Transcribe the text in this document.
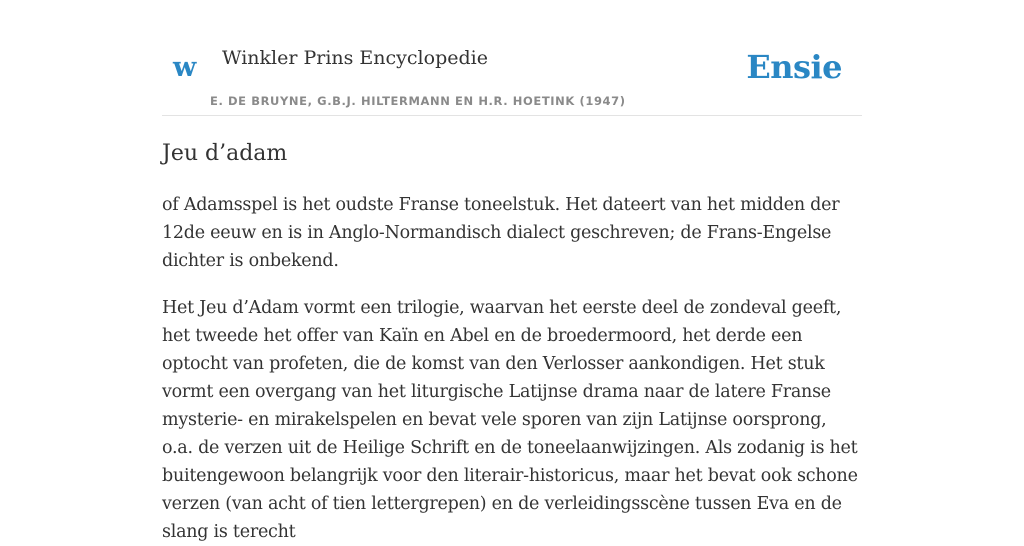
w Winkler Prins Encyclopedie
E. DE BRUYNE, G.B.J. HILTERMANN EN H.R. HOETINK (1947)
Ensie
Jeu d’adam

of Adamsspel is het oudste Franse toneelstuk. Het dateert van het midden der 12de eeuw en is in Anglo-Normandisch dialect geschreven; de Frans-Engelse dichter is onbekend.

Het Jeu d’Adam vormt een trilogie, waarvan het eerste deel de zondeval geeft, het tweede het offer van Kaïn en Abel en de broedermoord, het derde een optocht van profeten, die de komst van den Verlosser aankondigen. Het stuk vormt een overgang van het liturgische Latijnse drama naar de latere Franse mysterie- en mirakelspelen en bevat vele sporen van zijn Latijnse oorsprong, o.a. de verzen uit de Heilige Schrift en de toneelaanwijzingen. Als zodanig is het buitengewoon belangrijk voor den literair-historicus, maar het bevat ook schone verzen (van acht of tien lettergrepen) en de verleidingsscène tussen Eva en de slang is terecht
